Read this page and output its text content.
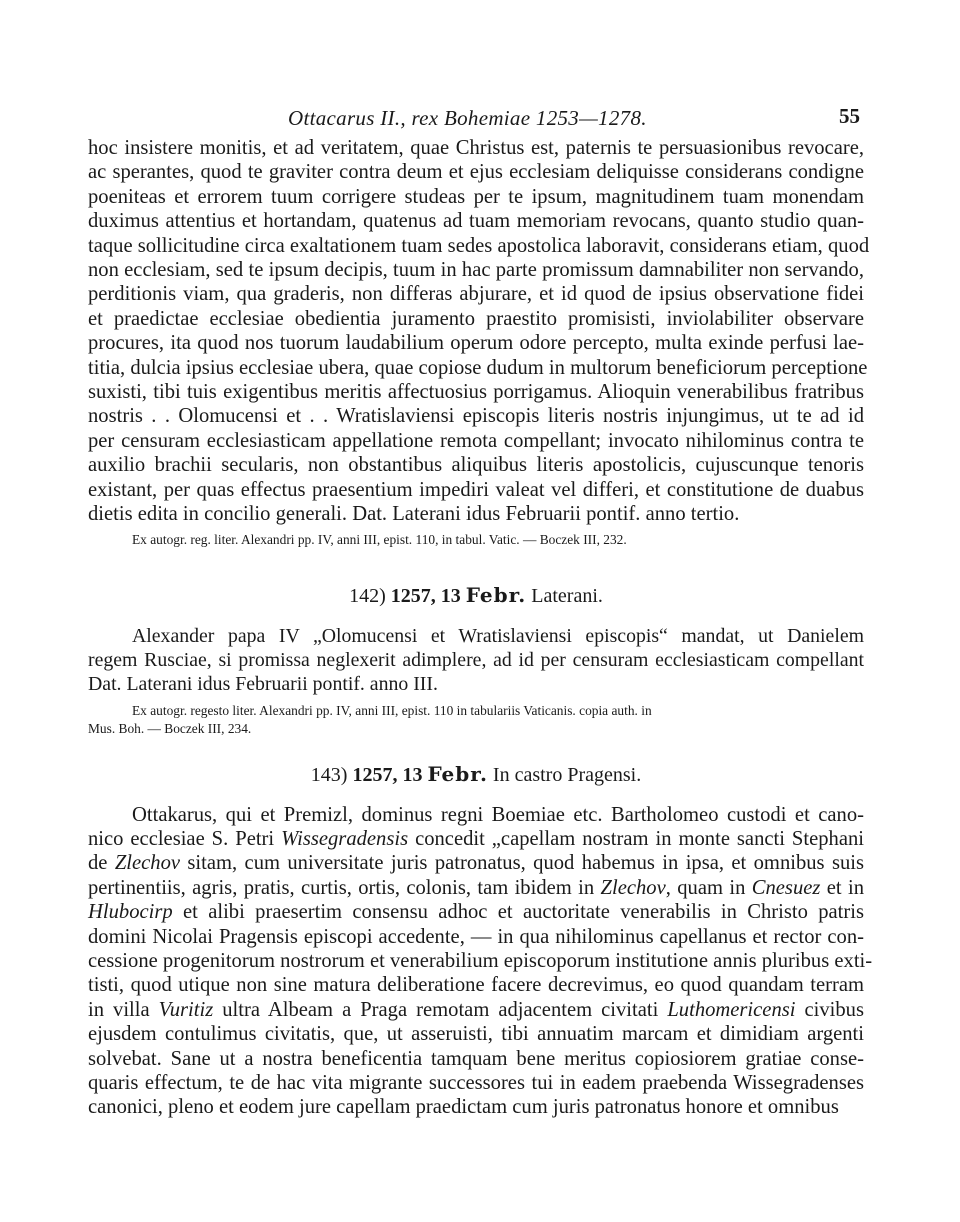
Ottacarus II., rex Bohemiae 1253—1278.	55
hoc insistere monitis, et ad veritatem, quae Christus est, paternis te persuasionibus revocare,
ac sperantes, quod te graviter contra deum et ejus ecclesiam deliquisse considerans condigne
poeniteas et errorem tuum corrigere studeas per te ipsum, magnitudinem tuam monendam
duximus attentius et hortandam, quatenus ad tuam memoriam revocans, quanto studio quan-
taque sollicitudine circa exaltationem tuam sedes apostolica laboravit, considerans etiam, quod
non ecclesiam, sed te ipsum decipis, tuum in hac parte promissum damnabiliter non servando,
perditionis viam, qua graderis, non differas abjurare, et id quod de ipsius observatione fidei
et praedictae ecclesiae obedientia juramento praestito promisisti, inviolabiliter observare
procures, ita quod nos tuorum laudabilium operum odore percepto, multa exinde perfusi lae-
titia, dulcia ipsius ecclesiae ubera, quae copiose dudum in multorum beneficiorum perceptione
suxisti, tibi tuis exigentibus meritis affectuosius porrigamus. Alioquin venerabilibus fratribus
nostris . . Olomucensi et . . Wratislaviensi episcopis literis nostris injungimus, ut te ad id
per censuram ecclesiasticam appellatione remota compellant; invocato nihilominus contra te
auxilio brachii secularis, non obstantibus aliquibus literis apostolicis, cujuscunque tenoris
existant, per quas effectus praesentium impediri valeat vel differi, et constitutione de duabus
dietis edita in concilio generali. Dat. Laterani idus Februarii pontif. anno tertio.
Ex autogr. reg. liter. Alexandri pp. IV, anni III, epist. 110, in tabul. Vatic. — Boczek III, 232.
142) 1257, 13 Febr. Laterani.
Alexander papa IV „Olomucensi et Wratislaviensi episcopis“ mandat, ut Danielem
regem Rusciae, si promissa neglexerit adimplere, ad id per censuram ecclesiasticam compellant
Dat. Laterani idus Februarii pontif. anno III.
Ex autogr. regesto liter. Alexandri pp. IV, anni III, epist. 110 in tabulariis Vaticanis. copia auth. in
Mus. Boh. — Boczek III, 234.
143) 1257, 13 Febr. In castro Pragensi.
Ottakarus, qui et Premizl, dominus regni Boemiae etc. Bartholomeo custodi et cano-
nico ecclesiae S. Petri Wissegradensis concedit „capellam nostram in monte sancti Stephani
de Zlechov sitam, cum universitate juris patronatus, quod habemus in ipsa, et omnibus suis
pertinentiis, agris, pratis, curtis, ortis, colonis, tam ibidem in Zlechov, quam in Cnesuez et in
Hlubocirp et alibi praesertim consensu adhoc et auctoritate venerabilis in Christo patris
domini Nicolai Pragensis episcopi accedente, — in qua nihilominus capellanus et rector con-
cessione progenitorum nostrorum et venerabilium episcoporum institutione annis pluribus exti-
tisti, quod utique non sine matura deliberatione facere decrevimus, eo quod quandam terram
in villa Vuritiz ultra Albeam a Praga remotam adjacentem civitati Luthomericensi civibus
ejusdem contulimus civitatis, que, ut asseruisti, tibi annuatim marcam et dimidiam argenti
solvebat. Sane ut a nostra beneficentia tamquam bene meritus copiosiorem gratiae conse-
quaris effectum, te de hac vita migrante successores tui in eadem praebenda Wissegradenses
canonici, pleno et eodem jure capellam praedictam cum juris patronatus honore et omnibus
